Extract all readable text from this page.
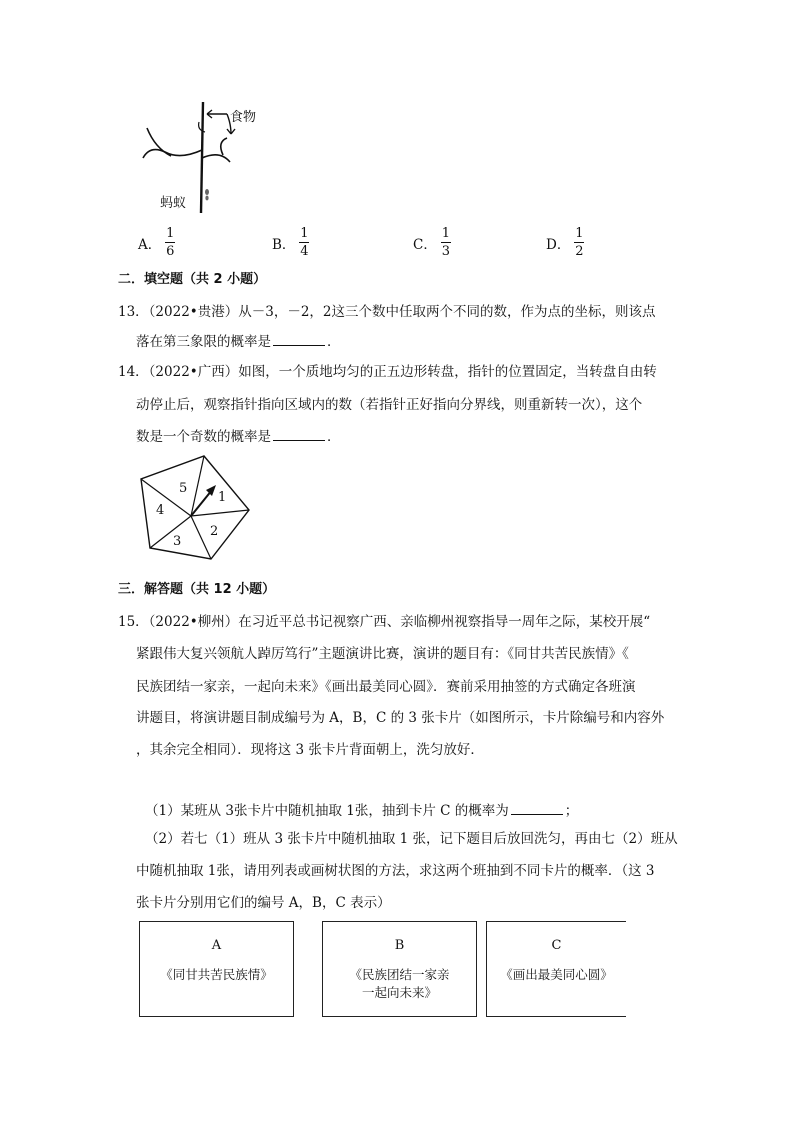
食物
蚂蚁
A． $\frac{1}{6}$	B． $\frac{1}{4}$	C． $\frac{1}{3}$	D． $\frac{1}{2}$
二．填空题（共 2 小题）
13．（2022•贵港）从－3，－2，2这三个数中任取两个不同的数，作为点的坐标，则该点
落在第三象限的概率是	．
14．（2022•广西）如图，一个质地均匀的正五边形转盘，指针的位置固定，当转盘自由转
动停止后，观察指针指向区域内的数（若指针正好指向分界线，则重新转一次），这个
数是一个奇数的概率是	．
1
2
3
4
5
三．解答题（共 12 小题）
15．（2022•柳州）在习近平总书记视察广西、亲临柳州视察指导一周年之际，某校开展“
紧跟伟大复兴领航人踔厉笃行”主题演讲比赛，演讲的题目有：《同甘共苦民族情》《
民族团结一家亲，一起向未来》《画出最美同心圆》．赛前采用抽签的方式确定各班演
讲题目，将演讲题目制成编号为 A，B，C 的 3 张卡片（如图所示，卡片除编号和内容外
，其余完全相同）．现将这 3 张卡片背面朝上，洗匀放好．
（1）某班从 3张卡片中随机抽取 1张，抽到卡片 C 的概率为	；
（2）若七（1）班从 3 张卡片中随机抽取 1 张，记下题目后放回洗匀，再由七（2）班从
中随机抽取 1张，请用列表或画树状图的方法，求这两个班抽到不同卡片的概率．（这 3
张卡片分别用它们的编号 A，B，C 表示）
A
《同甘共苦民族情》
B
《民族团结一家亲
一起向未来》
C
《画出最美同心圆》
